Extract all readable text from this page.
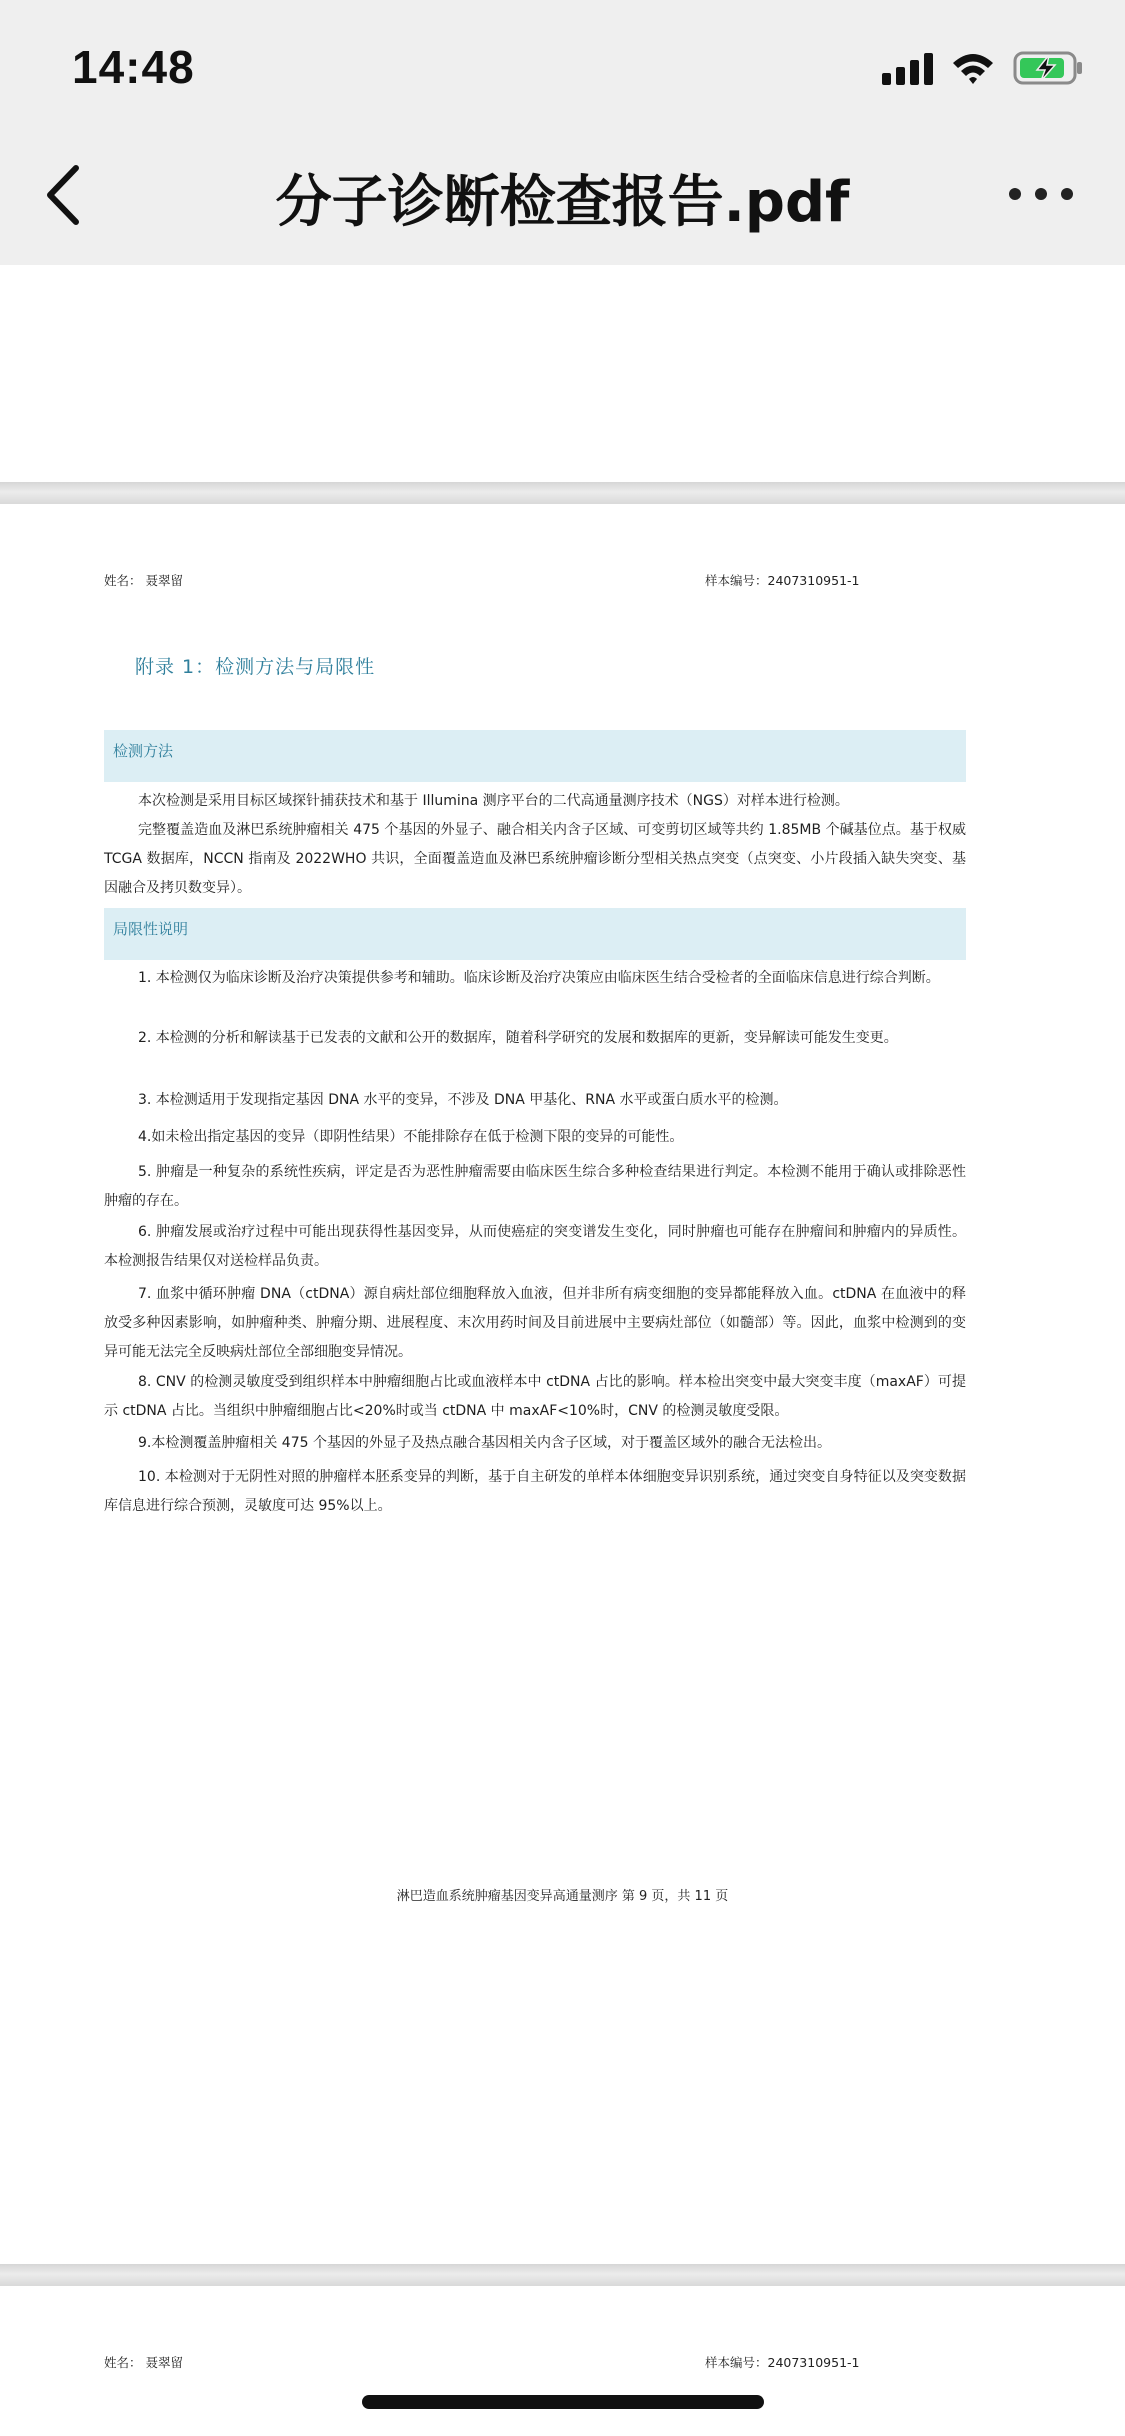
14:48
分子诊断检查报告.pdf
姓名： 聂翠留	样本编号：2407310951-1
附录 1：检测方法与局限性
检测方法
本次检测是采用目标区域探针捕获技术和基于 Illumina 测序平台的二代高通量测序技术（NGS）对样本进行检测。
完整覆盖造血及淋巴系统肿瘤相关 475 个基因的外显子、融合相关内含子区域、可变剪切区域等共约 1.85MB 个碱基位点。基于权威 TCGA 数据库，NCCN 指南及 2022WHO 共识，全面覆盖造血及淋巴系统肿瘤诊断分型相关热点突变（点突变、小片段插入缺失突变、基因融合及拷贝数变异）。
局限性说明
1. 本检测仅为临床诊断及治疗决策提供参考和辅助。临床诊断及治疗决策应由临床医生结合受检者的全面临床信息进行综合判断。
2. 本检测的分析和解读基于已发表的文献和公开的数据库，随着科学研究的发展和数据库的更新，变异解读可能发生变更。
3. 本检测适用于发现指定基因 DNA 水平的变异，不涉及 DNA 甲基化、RNA 水平或蛋白质水平的检测。
4.如未检出指定基因的变异（即阴性结果）不能排除存在低于检测下限的变异的可能性。
5. 肿瘤是一种复杂的系统性疾病，评定是否为恶性肿瘤需要由临床医生综合多种检查结果进行判定。本检测不能用于确认或排除恶性肿瘤的存在。
6. 肿瘤发展或治疗过程中可能出现获得性基因变异，从而使癌症的突变谱发生变化，同时肿瘤也可能存在肿瘤间和肿瘤内的异质性。本检测报告结果仅对送检样品负责。
7. 血浆中循环肿瘤 DNA（ctDNA）源自病灶部位细胞释放入血液，但并非所有病变细胞的变异都能释放入血。ctDNA 在血液中的释放受多种因素影响，如肿瘤种类、肿瘤分期、进展程度、末次用药时间及目前进展中主要病灶部位（如髓部）等。因此，血浆中检测到的变异可能无法完全反映病灶部位全部细胞变异情况。
8. CNV 的检测灵敏度受到组织样本中肿瘤细胞占比或血液样本中 ctDNA 占比的影响。样本检出突变中最大突变丰度（maxAF）可提示 ctDNA 占比。当组织中肿瘤细胞占比<20%时或当 ctDNA 中 maxAF<10%时，CNV 的检测灵敏度受限。
9.本检测覆盖肿瘤相关 475 个基因的外显子及热点融合基因相关内含子区域，对于覆盖区域外的融合无法检出。
10. 本检测对于无阴性对照的肿瘤样本胚系变异的判断，基于自主研发的单样本体细胞变异识别系统，通过突变自身特征以及突变数据库信息进行综合预测，灵敏度可达 95%以上。
淋巴造血系统肿瘤基因变异高通量测序 第 9 页，共 11 页
姓名： 聂翠留	样本编号：2407310951-1
